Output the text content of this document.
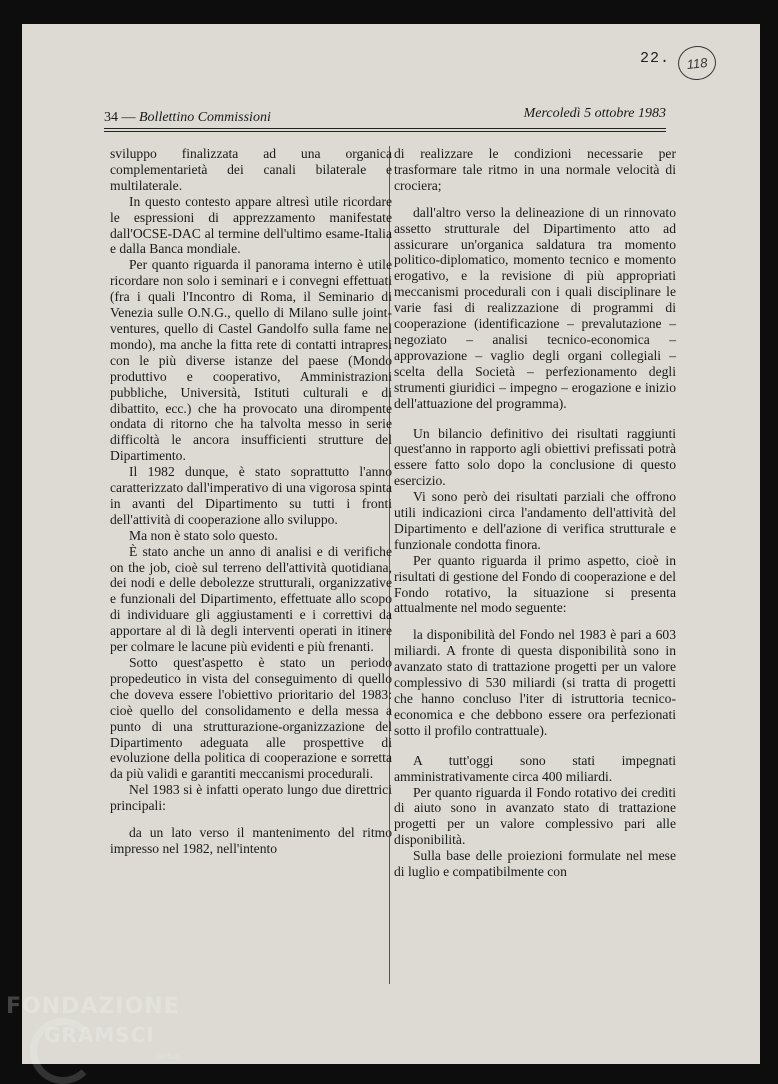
22.	118
34 — Bollettino Commissioni	Mercoledì 5 ottobre 1983

sviluppo finalizzata ad una organica complementarietà dei canali bilaterale e multilaterale.

In questo contesto appare altresì utile ricordare le espressioni di apprezzamento manifestate dall'OCSE-DAC al termine dell'ultimo esame-Italia e dalla Banca mondiale.

Per quanto riguarda il panorama interno è utile ricordare non solo i seminari e i convegni effettuati (fra i quali l'Incontro di Roma, il Seminario di Venezia sulle O.N.G., quello di Milano sulle joint-ventures, quello di Castel Gandolfo sulla fame nel mondo), ma anche la fitta rete di contatti intrapresi con le più diverse istanze del paese (Mondo produttivo e cooperativo, Amministrazioni pubbliche, Università, Istituti culturali e di dibattito, ecc.) che ha provocato una dirompente ondata di ritorno che ha talvolta messo in serie difficoltà le ancora insufficienti strutture del Dipartimento.

Il 1982 dunque, è stato soprattutto l'anno caratterizzato dall'imperativo di una vigorosa spinta in avanti del Dipartimento su tutti i fronti dell'attività di cooperazione allo sviluppo.

Ma non è stato solo questo.

È stato anche un anno di analisi e di verifiche on the job, cioè sul terreno dell'attività quotidiana, dei nodi e delle debolezze strutturali, organizzative e funzionali del Dipartimento, effettuate allo scopo di individuare gli aggiustamenti e i correttivi da apportare al di là degli interventi operati in itinere per colmare le lacune più evidenti e più frenanti.

Sotto quest'aspetto è stato un periodo propedeutico in vista del conseguimento di quello che doveva essere l'obiettivo prioritario del 1983: cioè quello del consolidamento e della messa a punto di una strutturazione-organizzazione del Dipartimento adeguata alle prospettive di evoluzione della politica di cooperazione e sorretta da più validi e garantiti meccanismi procedurali.

Nel 1983 si è infatti operato lungo due direttrici principali:

da un lato verso il mantenimento del ritmo impresso nel 1982, nell'intento

di realizzare le condizioni necessarie per trasformare tale ritmo in una normale velocità di crociera;

dall'altro verso la delineazione di un rinnovato assetto strutturale del Dipartimento atto ad assicurare un'organica saldatura tra momento politico-diplomatico, momento tecnico e momento erogativo, e la revisione di più appropriati meccanismi procedurali con i quali disciplinare le varie fasi di realizzazione di programmi di cooperazione (identificazione – prevalutazione – negoziato – analisi tecnico-economica – approvazione – vaglio degli organi collegiali – scelta della Società – perfezionamento degli strumenti giuridici – impegno – erogazione e inizio dell'attuazione del programma).

Un bilancio definitivo dei risultati raggiunti quest'anno in rapporto agli obiettivi prefissati potrà essere fatto solo dopo la conclusione di questo esercizio.

Vi sono però dei risultati parziali che offrono utili indicazioni circa l'andamento dell'attività del Dipartimento e dell'azione di verifica strutturale e funzionale condotta finora.

Per quanto riguarda il primo aspetto, cioè in risultati di gestione del Fondo di cooperazione e del Fondo rotativo, la situazione si presenta attualmente nel modo seguente:

la disponibilità del Fondo nel 1983 è pari a 603 miliardi. A fronte di questa disponibilità sono in avanzato stato di trattazione progetti per un valore complessivo di 530 miliardi (si tratta di progetti che hanno concluso l'iter di istruttoria tecnico-economica e che debbono essere ora perfezionati sotto il profilo contrattuale).

A tutt'oggi sono stati impegnati amministrativamente circa 400 miliardi.

Per quanto riguarda il Fondo rotativo dei crediti di aiuto sono in avanzato stato di trattazione progetti per un valore complessivo pari alle disponibilità.

Sulla base delle proiezioni formulate nel mese di luglio e compatibilmente con

FONDAZIONE
GRAMSCI
onlus
